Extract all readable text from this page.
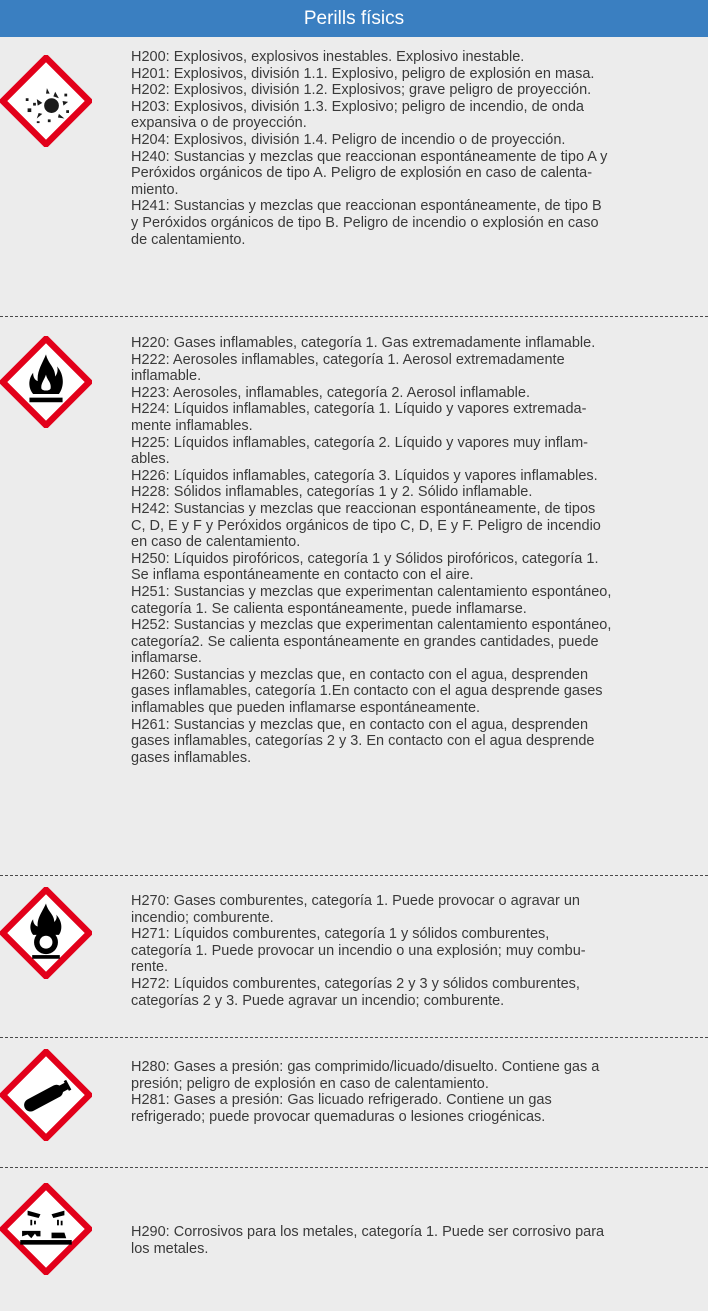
Perills físics
H200: Explosivos, explosivos inestables. Explosivo inestable.
H201: Explosivos, división 1.1. Explosivo, peligro de explosión en masa.
H202: Explosivos, división 1.2. Explosivos; grave peligro de proyección.
H203: Explosivos, división 1.3. Explosivo; peligro de incendio, de onda
expansiva o de proyección.
H204: Explosivos, división 1.4. Peligro de incendio o de proyección.
H240: Sustancias y mezclas que reaccionan espontáneamente de tipo A y
Peróxidos orgánicos de tipo A. Peligro de explosión en caso de calenta-
miento.
H241: Sustancias y mezclas que reaccionan espontáneamente, de tipo B
y Peróxidos orgánicos de tipo B. Peligro de incendio o explosión en caso
de calentamiento.
H220: Gases inflamables, categoría 1. Gas extremadamente inflamable.
H222: Aerosoles inflamables, categoría 1. Aerosol extremadamente
inflamable.
H223: Aerosoles, inflamables, categoría 2. Aerosol inflamable.
H224: Líquidos inflamables, categoría 1. Líquido y vapores extremada-
mente inflamables.
H225: Líquidos inflamables, categoría 2. Líquido y vapores muy inflam-
ables.
H226: Líquidos inflamables, categoría 3. Líquidos y vapores inflamables.
H228: Sólidos inflamables, categorías 1 y 2. Sólido inflamable.
H242: Sustancias y mezclas que reaccionan espontáneamente, de tipos
C, D, E y F y Peróxidos orgánicos de tipo C, D, E y F. Peligro de incendio
en caso de calentamiento.
H250: Líquidos pirofóricos, categoría 1 y Sólidos pirofóricos, categoría 1.
Se inflama espontáneamente en contacto con el aire.
H251: Sustancias y mezclas que experimentan calentamiento espontáneo,
categoría 1. Se calienta espontáneamente, puede inflamarse.
H252: Sustancias y mezclas que experimentan calentamiento espontáneo,
categoría2. Se calienta espontáneamente en grandes cantidades, puede
inflamarse.
H260: Sustancias y mezclas que, en contacto con el agua, desprenden
gases inflamables, categoría 1.En contacto con el agua desprende gases
inflamables que pueden inflamarse espontáneamente.
H261: Sustancias y mezclas que, en contacto con el agua, desprenden
gases inflamables, categorías 2 y 3. En contacto con el agua desprende
gases inflamables.
H270: Gases comburentes, categoría 1. Puede provocar o agravar un
incendio; comburente.
H271: Líquidos comburentes, categoría 1 y sólidos comburentes,
categoría 1. Puede provocar un incendio o una explosión; muy combu-
rente.
H272: Líquidos comburentes, categorías 2 y 3 y sólidos comburentes,
categorías 2 y 3. Puede agravar un incendio; comburente.
H280: Gases a presión: gas comprimido/licuado/disuelto. Contiene gas a
presión; peligro de explosión en caso de calentamiento.
H281: Gases a presión: Gas licuado refrigerado. Contiene un gas
refrigerado; puede provocar quemaduras o lesiones criogénicas.
H290: Corrosivos para los metales, categoría 1. Puede ser corrosivo para
los metales.
